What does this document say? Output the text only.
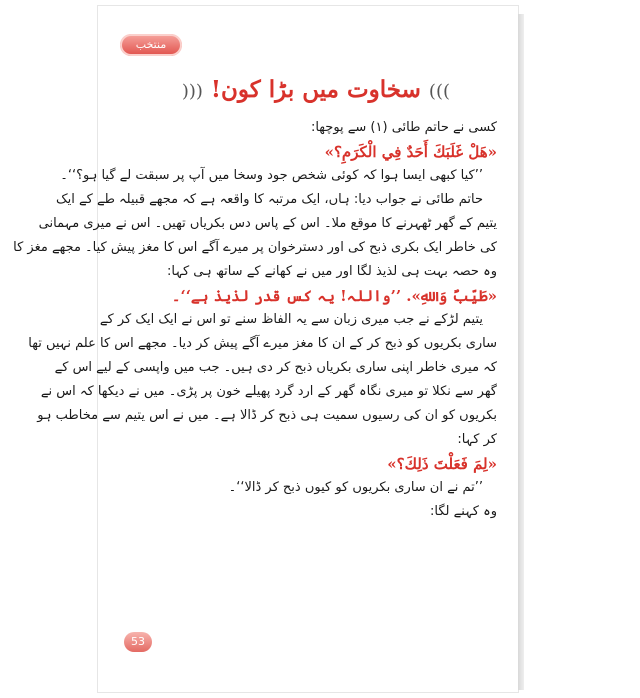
منتخب حروف
))) سخاوت میں بڑا کون! (((
کسی نے حاتم طائی (۱) سے پوچھا:
«هَلْ غَلَبَكَ أَحَدٌ فِي الْكَرَمِ؟»
’’کیا کبھی ایسا ہوا کہ کوئی شخص جود وسخا میں آپ پر سبقت لے گیا ہو؟‘‘۔
حاتم طائی نے جواب دیا: ہاں، ایک مرتبہ کا واقعہ ہے کہ مجھے قبیلہ طے کے ایک
یتیم کے گھر ٹھہرنے کا موقع ملا۔ اس کے پاس دس بکریاں تھیں۔ اس نے میری مہمانی
کی خاطر ایک بکری ذبح کی اور دسترخوان پر میرے آگے اس کا مغز پیش کیا۔ مجھے مغز کا
وہ حصہ بہت ہی لذیذ لگا اور میں نے کھانے کے ساتھ ہی کہا:
«طَيِّبٌ وَاللهِ». ’’واللہ! یہ کس قدر لذیذ ہے‘‘۔
یتیم لڑکے نے جب میری زبان سے یہ الفاظ سنے تو اس نے ایک ایک کر کے
ساری بکریوں کو ذبح کر کے ان کا مغز میرے آگے پیش کر دیا۔ مجھے اس کا علم نہیں تھا
کہ میری خاطر اپنی ساری بکریاں ذبح کر دی ہیں۔ جب میں واپسی کے لیے اس کے
گھر سے نکلا تو میری نگاہ گھر کے ارد گرد پھیلے خون پر پڑی۔ میں نے دیکھا کہ اس نے
بکریوں کو ان کی رسیوں سمیت ہی ذبح کر ڈالا ہے۔ میں نے اس یتیم سے مخاطب ہو
کر کہا:
«لِمَ فَعَلْتَ ذَلِكَ؟»
’’تم نے ان ساری بکریوں کو کیوں ذبح کر ڈالا‘‘۔
وہ کہنے لگا:
53
